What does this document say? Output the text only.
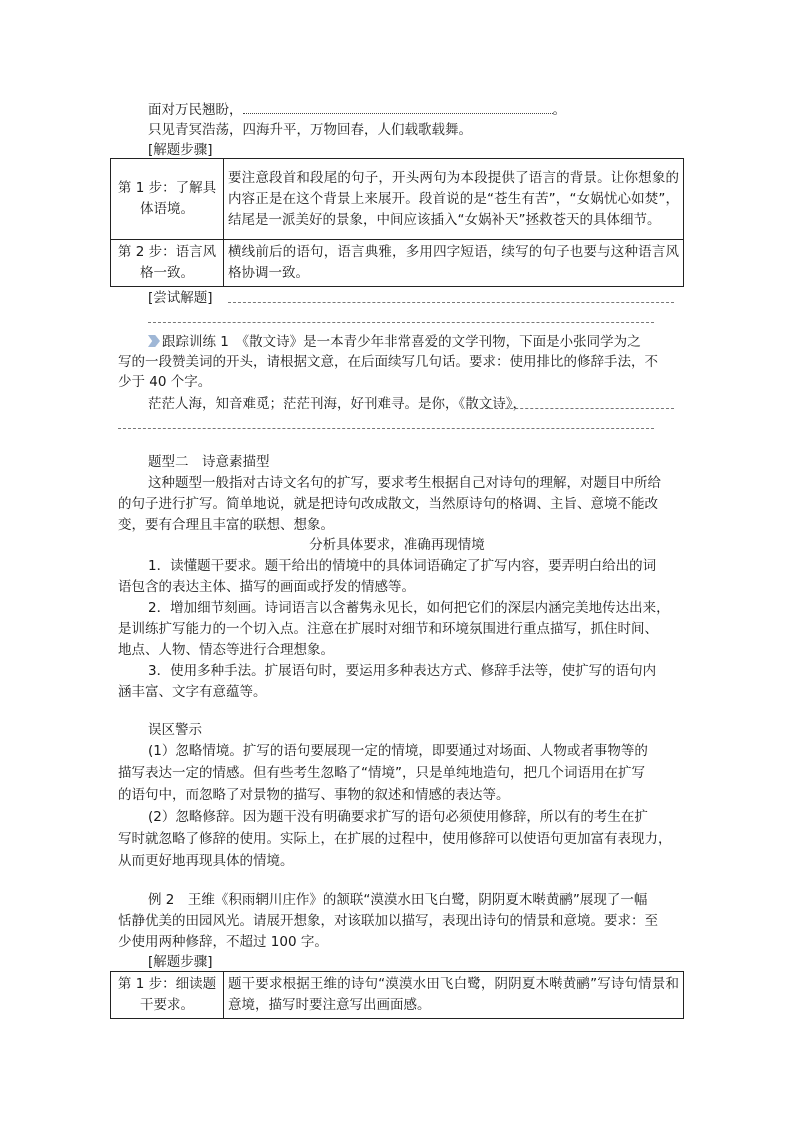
面对万民翘盼，	。
只见青冥浩荡，四海升平，万物回春，人们载歌载舞。
[解题步骤]
第 1 步：了解具体语境。	要注意段首和段尾的句子，开头两句为本段提供了语言的背景。让你想象的内容正是在这个背景上来展开。段首说的是“苍生有苦”，“女娲忧心如焚”，结尾是一派美好的景象，中间应该插入“女娲补天”拯救苍天的具体细节。
第 2 步：语言风格一致。	横线前后的语句，语言典雅，多用四字短语，续写的句子也要与这种语言风格协调一致。
[尝试解题]
跟踪训练 1　 《散文诗》是一本青少年非常喜爱的文学刊物，下面是小张同学为之
写的一段赞美词的开头，请根据文意，在后面续写几句话。要求：使用排比的修辞手法，不
少于 40 个字。
茫茫人海，知音难觅；茫茫刊海，好刊难寻。是你，《散文诗》，
题型二　诗意素描型
这种题型一般指对古诗文名句的扩写，要求考生根据自己对诗句的理解，对题目中所给
的句子进行扩写。简单地说，就是把诗句改成散文，当然原诗句的格调、主旨、意境不能改
变，要有合理且丰富的联想、想象。
分析具体要求，准确再现情境
1．读懂题干要求。题干给出的情境中的具体词语确定了扩写内容，要弄明白给出的词
语包含的表达主体、描写的画面或抒发的情感等。
2．增加细节刻画。诗词语言以含蓄隽永见长，如何把它们的深层内涵完美地传达出来，
是训练扩写能力的一个切入点。注意在扩展时对细节和环境氛围进行重点描写，抓住时间、
地点、人物、情态等进行合理想象。
3．使用多种手法。扩展语句时，要运用多种表达方式、修辞手法等，使扩写的语句内
涵丰富、文字有意蕴等。
误区警示
(1）忽略情境。扩写的语句要展现一定的情境，即要通过对场面、人物或者事物等的
描写表达一定的情感。但有些考生忽略了“情境”，只是单纯地造句，把几个词语用在扩写
的语句中，而忽略了对景物的描写、事物的叙述和情感的表达等。
(2）忽略修辞。因为题干没有明确要求扩写的语句必须使用修辞，所以有的考生在扩
写时就忽略了修辞的使用。实际上，在扩展的过程中，使用修辞可以使语句更加富有表现力，
从而更好地再现具体的情境。
例 2　王维《积雨辋川庄作》的颔联“漠漠水田飞白鹭，阴阴夏木啭黄鹂”展现了一幅
恬静优美的田园风光。请展开想象，对该联加以描写，表现出诗句的情景和意境。要求：至
少使用两种修辞，不超过 100 字。
[解题步骤]
第 1 步：细读题干要求。	题干要求根据王维的诗句“漠漠水田飞白鹭，阴阴夏木啭黄鹂”写诗句情景和意境，描写时要注意写出画面感。
